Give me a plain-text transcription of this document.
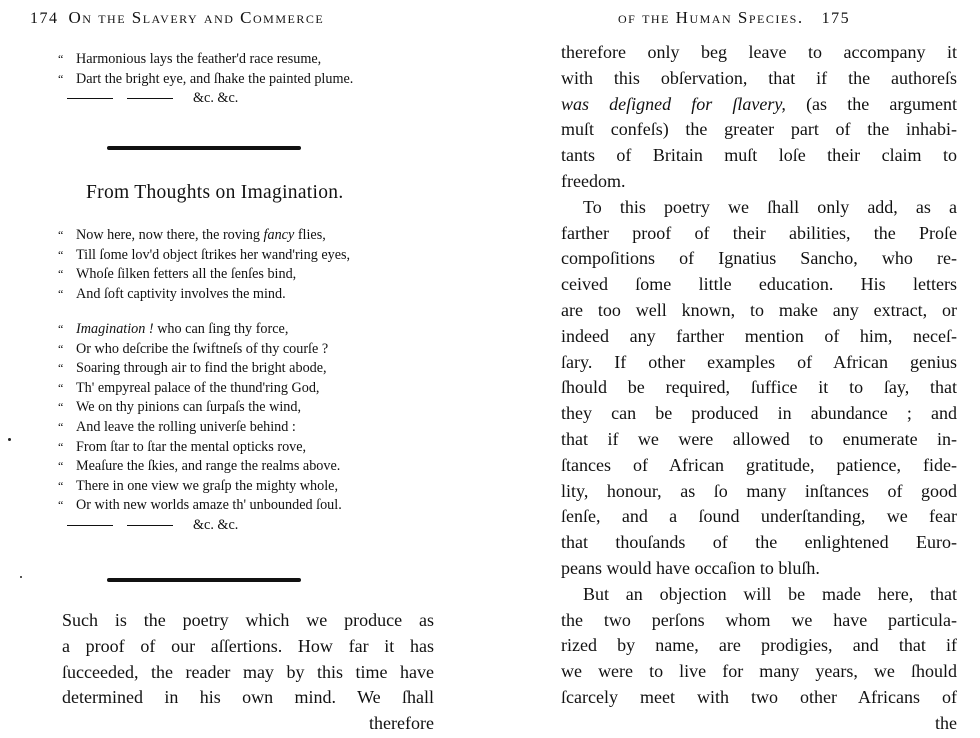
174 On the Slavery and Commerce
“ Harmonious lays the feather'd race resume,
“ Dart the bright eye, and ſhake the painted plume.
&c. &c.
From Thoughts on Imagination.
“ Now here, now there, the roving fancy flies,
“ Till ſome lov'd object ſtrikes her wand'ring eyes,
“ Whoſe ſilken fetters all the ſenſes bind,
“ And ſoft captivity involves the mind.
“ Imagination ! who can ſing thy force,
“ Or who deſcribe the ſwiftneſs of thy courſe ?
“ Soaring through air to find the bright abode,
“ Th' empyreal palace of the thund'ring God,
“ We on thy pinions can ſurpaſs the wind,
“ And leave the rolling univerſe behind :
“ From ſtar to ſtar the mental opticks rove,
“ Meaſure the ſkies, and range the realms above.
“ There in one view we graſp the mighty whole,
“ Or with new worlds amaze th' unbounded ſoul.
&c. &c.
Such is the poetry which we produce as
a proof of our aſſertions. How far it has
ſucceeded, the reader may by this time have
determined in his own mind. We ſhall
therefore
of the Human Species. 175
therefore only beg leave to accompany it
with this obſervation, that if the authoreſs
was deſigned for ſlavery, (as the argument
muſt confeſs) the greater part of the inhabi-
tants of Britain muſt loſe their claim to
freedom.
To this poetry we ſhall only add, as a
farther proof of their abilities, the Proſe
compoſitions of Ignatius Sancho, who re-
ceived ſome little education. His letters
are too well known, to make any extract, or
indeed any farther mention of him, neceſ-
ſary. If other examples of African genius
ſhould be required, ſuffice it to ſay, that
they can be produced in abundance ; and
that if we were allowed to enumerate in-
ſtances of African gratitude, patience, fide-
lity, honour, as ſo many inſtances of good
ſenſe, and a ſound underſtanding, we fear
that thouſands of the enlightened Euro-
peans would have occaſion to bluſh.
But an objection will be made here, that
the two perſons whom we have particula-
rized by name, are prodigies, and that if
we were to live for many years, we ſhould
ſcarcely meet with two other Africans of
the
